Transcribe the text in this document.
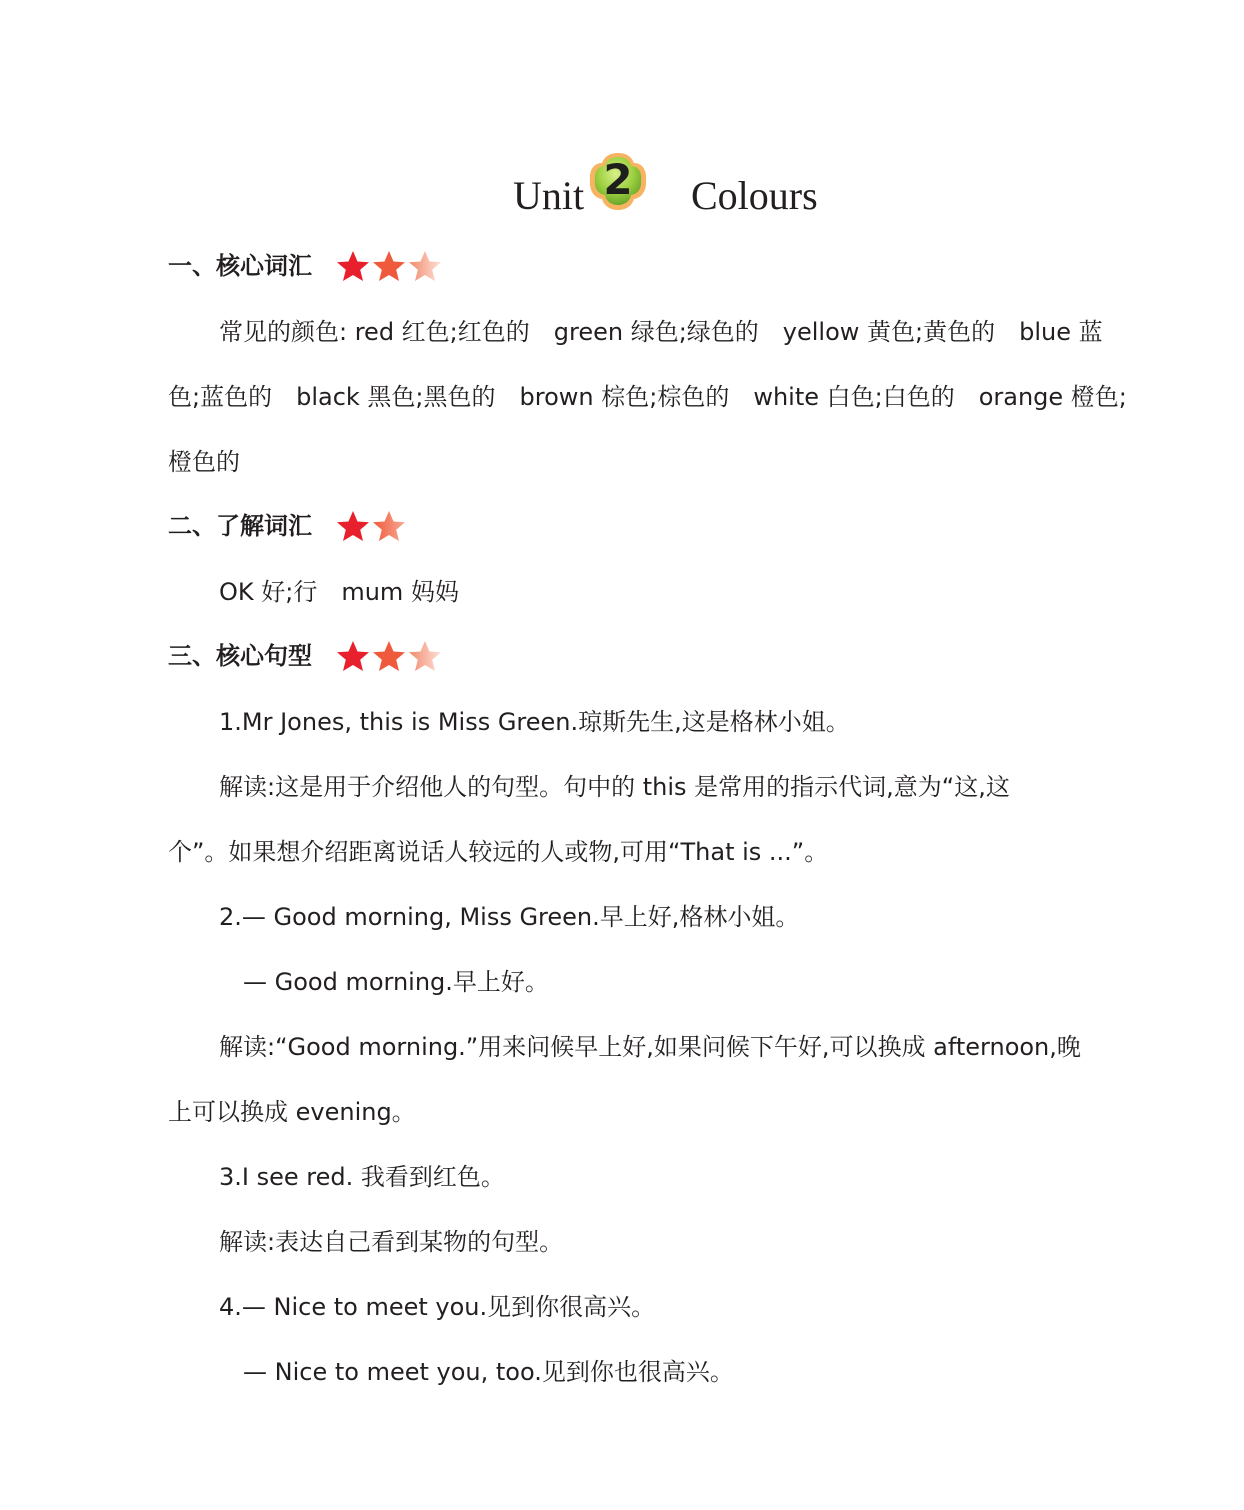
Unit 2	Colours
一、核心词汇
常见的颜色: red 红色;红色的　green 绿色;绿色的　yellow 黄色;黄色的　blue 蓝
色;蓝色的　black 黑色;黑色的　brown 棕色;棕色的　white 白色;白色的　orange 橙色;
橙色的
二、了解词汇
OK 好;行　mum 妈妈
三、核心句型
1.Mr Jones, this is Miss Green.琼斯先生,这是格林小姐。
解读:这是用于介绍他人的句型。句中的 this 是常用的指示代词,意为“这,这
个”。如果想介绍距离说话人较远的人或物,可用“That is ...”。
2.— Good morning, Miss Green.早上好,格林小姐。
— Good morning.早上好。
解读:“Good morning.”用来问候早上好,如果问候下午好,可以换成 afternoon,晚
上可以换成 evening。
3.I see red. 我看到红色。
解读:表达自己看到某物的句型。
4.— Nice to meet you.见到你很高兴。
— Nice to meet you, too.见到你也很高兴。
